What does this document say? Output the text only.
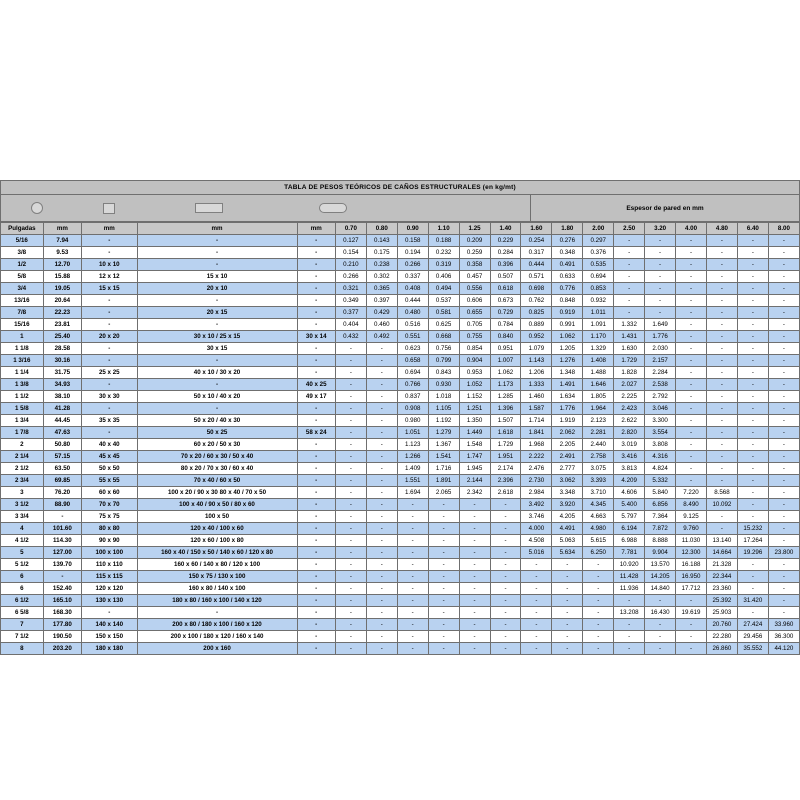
TABLA DE PESOS TEÓRICOS DE CAÑOS ESTRUCTURALES (en kg/mt)
Espesor de pared en mm
Pulgadas	mm	mm	mm	mm	0.70	0.80	0.90	1.10	1.25	1.40	1.60	1.80	2.00	2.50	3.20	4.00	4.80	6.40	8.00
5/16	7.94	-	-	-	0.127	0.143	0.158	0.188	0.209	0.229	0.254	0.276	0.297	-	-	-	-	-	-
3/8	9.53	-	-	-	0.154	0.175	0.194	0.232	0.259	0.284	0.317	0.348	0.376	-	-	-	-	-	-
1/2	12.70	10 x 10	-	-	0.210	0.238	0.266	0.319	0.358	0.396	0.444	0.491	0.535	-	-	-	-	-	-
5/8	15.88	12 x 12	15 x 10	-	0.266	0.302	0.337	0.406	0.457	0.507	0.571	0.633	0.694	-	-	-	-	-	-
3/4	19.05	15 x 15	20 x 10	-	0.321	0.365	0.408	0.494	0.556	0.618	0.698	0.776	0.853	-	-	-	-	-	-
13/16	20.64	-	-	-	0.349	0.397	0.444	0.537	0.606	0.673	0.762	0.848	0.932	-	-	-	-	-	-
7/8	22.23	-	20 x 15	-	0.377	0.429	0.480	0.581	0.655	0.729	0.825	0.919	1.011	-	-	-	-	-	-
15/16	23.81	-	-	-	0.404	0.460	0.516	0.625	0.705	0.784	0.889	0.991	1.091	1.332	1.649	-	-	-	-
1	25.40	20 x 20	30 x 10 / 25 x 15	30 x 14	0.432	0.492	0.551	0.668	0.755	0.840	0.952	1.062	1.170	1.431	1.776	-	-	-	-
1 1/8	28.58	-	30 x 15	-	-	-	0.623	0.756	0.854	0.951	1.079	1.205	1.329	1.630	2.030	-	-	-	-
1 3/16	30.16	-	-	-	-	-	0.658	0.799	0.904	1.007	1.143	1.276	1.408	1.729	2.157	-	-	-	-
1 1/4	31.75	25 x 25	40 x 10 / 30 x 20	-	-	-	0.694	0.843	0.953	1.062	1.206	1.348	1.488	1.828	2.284	-	-	-	-
1 3/8	34.93	-	-	40 x 25	-	-	0.766	0.930	1.052	1.173	1.333	1.491	1.646	2.027	2.538	-	-	-	-
1 1/2	38.10	30 x 30	50 x 10 / 40 x 20	49 x 17	-	-	0.837	1.018	1.152	1.285	1.460	1.634	1.805	2.225	2.792	-	-	-	-
1 5/8	41.28	-	-	-	-	-	0.908	1.105	1.251	1.396	1.587	1.776	1.964	2.423	3.046	-	-	-	-
1 3/4	44.45	35 x 35	50 x 20 / 40 x 30	-	-	-	0.980	1.192	1.350	1.507	1.714	1.919	2.123	2.622	3.300	-	-	-	-
1 7/8	47.63	-	50 x 25	58 x 24	-	-	1.051	1.279	1.449	1.618	1.841	2.062	2.281	2.820	3.554	-	-	-	-
2	50.80	40 x 40	60 x 20 / 50 x 30	-	-	-	1.123	1.367	1.548	1.729	1.968	2.205	2.440	3.019	3.808	-	-	-	-
2 1/4	57.15	45 x 45	70 x 20 / 60 x 30 / 50 x 40	-	-	-	1.266	1.541	1.747	1.951	2.222	2.491	2.758	3.416	4.316	-	-	-	-
2 1/2	63.50	50 x 50	80 x 20 / 70 x 30 / 60 x 40	-	-	-	1.409	1.716	1.945	2.174	2.476	2.777	3.075	3.813	4.824	-	-	-	-
2 3/4	69.85	55 x 55	70 x 40 / 60 x 50	-	-	-	1.551	1.891	2.144	2.396	2.730	3.062	3.393	4.209	5.332	-	-	-	-
3	76.20	60 x 60	100 x 20 / 90 x 30 80 x 40 / 70 x 50	-	-	-	1.694	2.065	2.342	2.618	2.984	3.348	3.710	4.606	5.840	7.220	8.568	-	-
3 1/2	88.90	70 x 70	100 x 40 / 90 x 50 / 80 x 60	-	-	-	-	-	-	-	3.492	3.920	4.345	5.400	6.856	8.490	10.092	-	-
3 3/4	-	75 x 75	100 x 50	-	-	-	-	-	-	-	3.746	4.205	4.663	5.797	7.364	9.125	-	-	-
4	101.60	80 x 80	120 x 40 / 100 x 60	-	-	-	-	-	-	-	4.000	4.491	4.980	6.194	7.872	9.760	-	15.232	-
4 1/2	114.30	90 x 90	120 x 60 / 100 x 80	-	-	-	-	-	-	-	4.508	5.063	5.615	6.988	8.888	11.030	13.140	17.264	-
5	127.00	100 x 100	160 x 40 / 150 x 50 / 140 x 60 / 120 x 80	-	-	-	-	-	-	-	5.016	5.634	6.250	7.781	9.904	12.300	14.664	19.296	23.800
5 1/2	139.70	110 x 110	160 x 60 / 140 x 80 / 120 x 100	-	-	-	-	-	-	-	-	-	-	10.920	13.570	16.188	21.328	-	-
6	-	115 x 115	150 x 75 / 130 x 100	-	-	-	-	-	-	-	-	-	-	11.428	14.205	16.950	22.344	-	-
6	152.40	120 x 120	160 x 80 / 140 x 100	-	-	-	-	-	-	-	-	-	-	11.936	14.840	17.712	23.360	-	-
6 1/2	165.10	130 x 130	180 x 80 / 160 x 100 / 140 x 120	-	-	-	-	-	-	-	-	-	-	-	-	-	25.392	31.420	-
6 5/8	168.30	-	-	-	-	-	-	-	-	-	-	-	-	13.208	16.430	19.619	25.903	-	-
7	177.80	140 x 140	200 x 80 / 180 x 100 / 160 x 120	-	-	-	-	-	-	-	-	-	-	-	-	-	20.760	27.424	33.960
7 1/2	190.50	150 x 150	200 x 100 / 180 x 120 / 160 x 140	-	-	-	-	-	-	-	-	-	-	-	-	-	22.280	29.456	36.300
8	203.20	180 x 180	200 x 160	-	-	-	-	-	-	-	-	-	-	-	-	-	26.860	35.552	44.120
